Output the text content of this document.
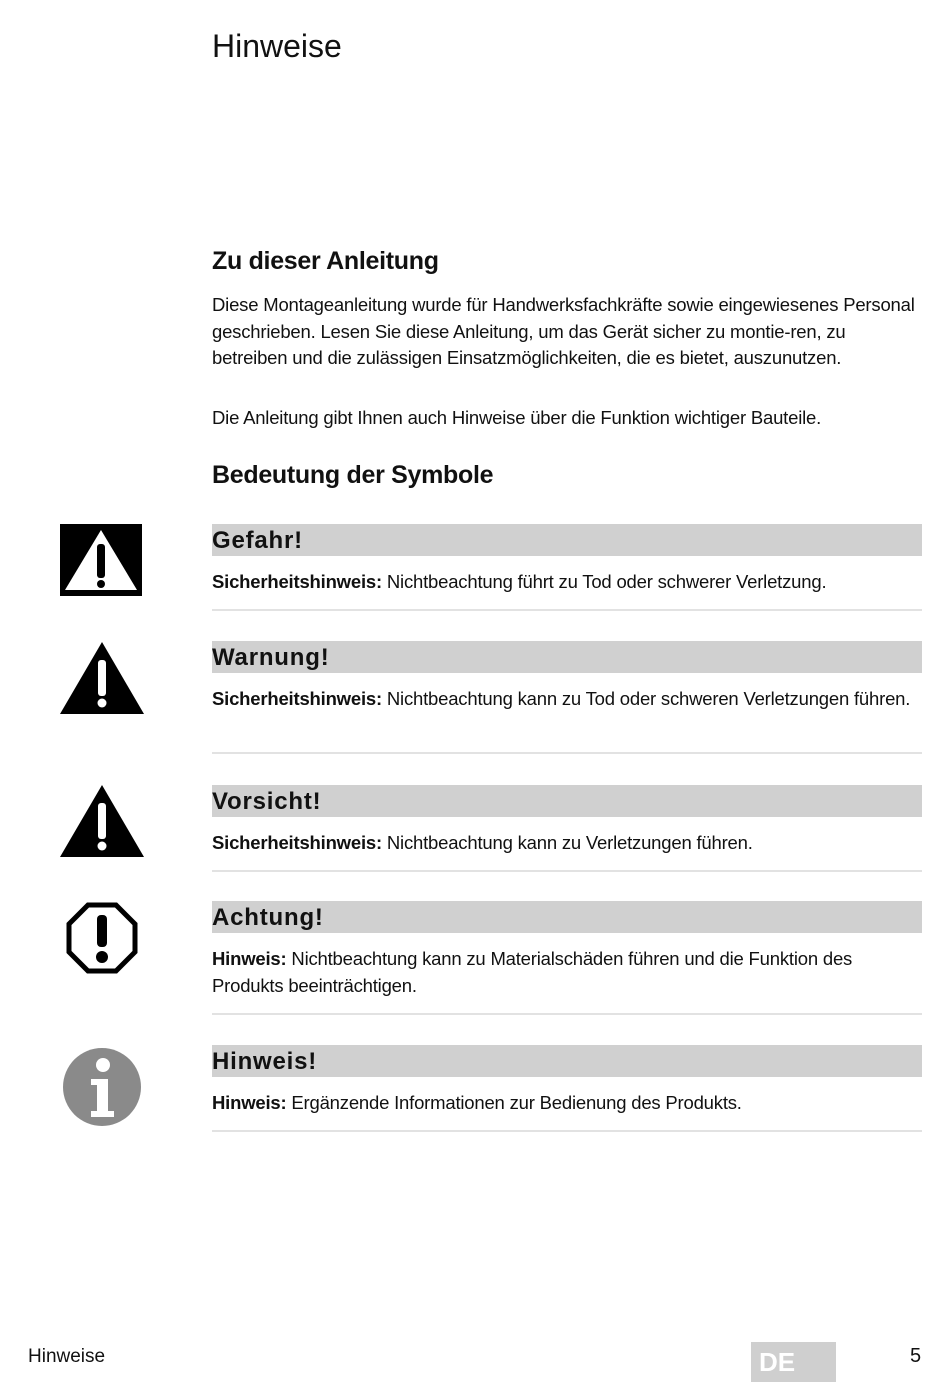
Hinweise
Zu dieser Anleitung

Diese Montageanleitung wurde für Handwerksfachkräfte sowie eingewiesenes Personal geschrieben. Lesen Sie diese Anleitung, um das Gerät sicher zu montie-ren, zu betreiben und die zulässigen Einsatzmöglichkeiten, die es bietet, auszunutzen.

Die Anleitung gibt Ihnen auch Hinweise über die Funktion wichtiger Bauteile.

Bedeutung der Symbole
Gefahr!
Sicherheitshinweis: Nichtbeachtung führt zu Tod oder schwerer Verletzung.
Warnung!
Sicherheitshinweis: Nichtbeachtung kann zu Tod oder schweren Verletzungen führen.
Vorsicht!
Sicherheitshinweis: Nichtbeachtung kann zu Verletzungen führen.
Achtung!
Hinweis: Nichtbeachtung kann zu Materialschäden führen und die Funktion des Produkts beeinträchtigen.
Hinweis!
Hinweis: Ergänzende Informationen zur Bedienung des Produkts.
Hinweise	DE	5
